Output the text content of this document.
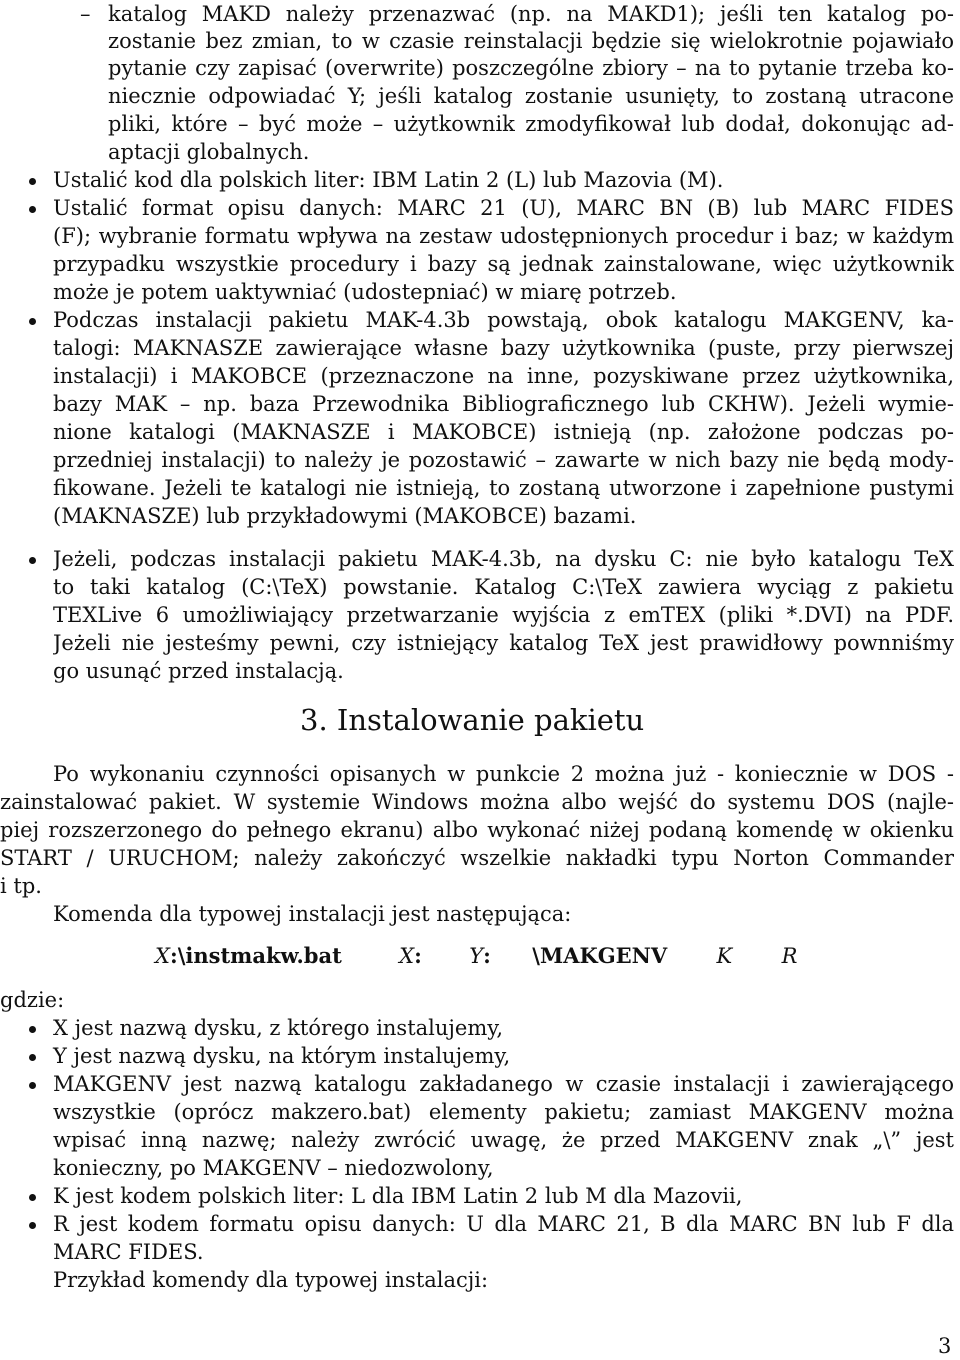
– katalog MAKD należy przenazwać (np. na MAKD1); jeśli ten katalog po-
zostanie bez zmian, to w czasie reinstalacji będzie się wielokrotnie pojawiało
pytanie czy zapisać (overwrite) poszczególne zbiory – na to pytanie trzeba ko-
niecznie odpowiadać Y; jeśli katalog zostanie usunięty, to zostaną utracone
pliki, które – być może – użytkownik zmodyfikował lub dodał, dokonując ad-
aptacji globalnych.
Ustalić kod dla polskich liter: IBM Latin 2 (L) lub Mazovia (M).
Ustalić format opisu danych: MARC 21 (U), MARC BN (B) lub MARC FIDES
(F); wybranie formatu wpływa na zestaw udostępnionych procedur i baz; w każdym
przypadku wszystkie procedury i bazy są jednak zainstalowane, więc użytkownik
może je potem uaktywniać (udostepniać) w miarę potrzeb.
Podczas instalacji pakietu MAK-4.3b powstają, obok katalogu MAKGENV, ka-
talogi: MAKNASZE zawierające własne bazy użytkownika (puste, przy pierwszej
instalacji) i MAKOBCE (przeznaczone na inne, pozyskiwane przez użytkownika,
bazy MAK – np. baza Przewodnika Bibliograficznego lub CKHW). Jeżeli wymie-
nione katalogi (MAKNASZE i MAKOBCE) istnieją (np. założone podczas po-
przedniej instalacji) to należy je pozostawić – zawarte w nich bazy nie będą mody-
fikowane. Jeżeli te katalogi nie istnieją, to zostaną utworzone i zapełnione pustymi
(MAKNASZE) lub przykładowymi (MAKOBCE) bazami.
Jeżeli, podczas instalacji pakietu MAK-4.3b, na dysku C: nie było katalogu TeX
to taki katalog (C:\TeX) powstanie. Katalog C:\TeX zawiera wyciąg z pakietu
TEXLive 6 umożliwiający przetwarzanie wyjścia z emTEX (pliki *.DVI) na PDF.
Jeżeli nie jesteśmy pewni, czy istniejący katalog TeX jest prawidłowy pownniśmy
go usunąć przed instalacją.
3. Instalowanie pakietu
Po wykonaniu czynności opisanych w punkcie 2 można już - koniecznie w DOS -
zainstalować pakiet. W systemie Windows można albo wejść do systemu DOS (najle-
piej rozszerzonego do pełnego ekranu) albo wykonać niżej podaną komendę w okienku
START / URUCHOM; należy zakończyć wszelkie nakładki typu Norton Commander
i tp.
Komenda dla typowej instalacji jest następująca:
X:\instmakw.bat	X: Y: \MAKGENV K R
gdzie:
X jest nazwą dysku, z którego instalujemy,
Y jest nazwą dysku, na którym instalujemy,
MAKGENV jest nazwą katalogu zakładanego w czasie instalacji i zawierającego
wszystkie (oprócz makzero.bat) elementy pakietu; zamiast MAKGENV można
wpisać inną nazwę; należy zwrócić uwagę, że przed MAKGENV znak „\” jest
konieczny, po MAKGENV – niedozwolony,
K jest kodem polskich liter: L dla IBM Latin 2 lub M dla Mazovii,
R jest kodem formatu opisu danych: U dla MARC 21, B dla MARC BN lub F dla
MARC FIDES.
Przykład komendy dla typowej instalacji:
3
